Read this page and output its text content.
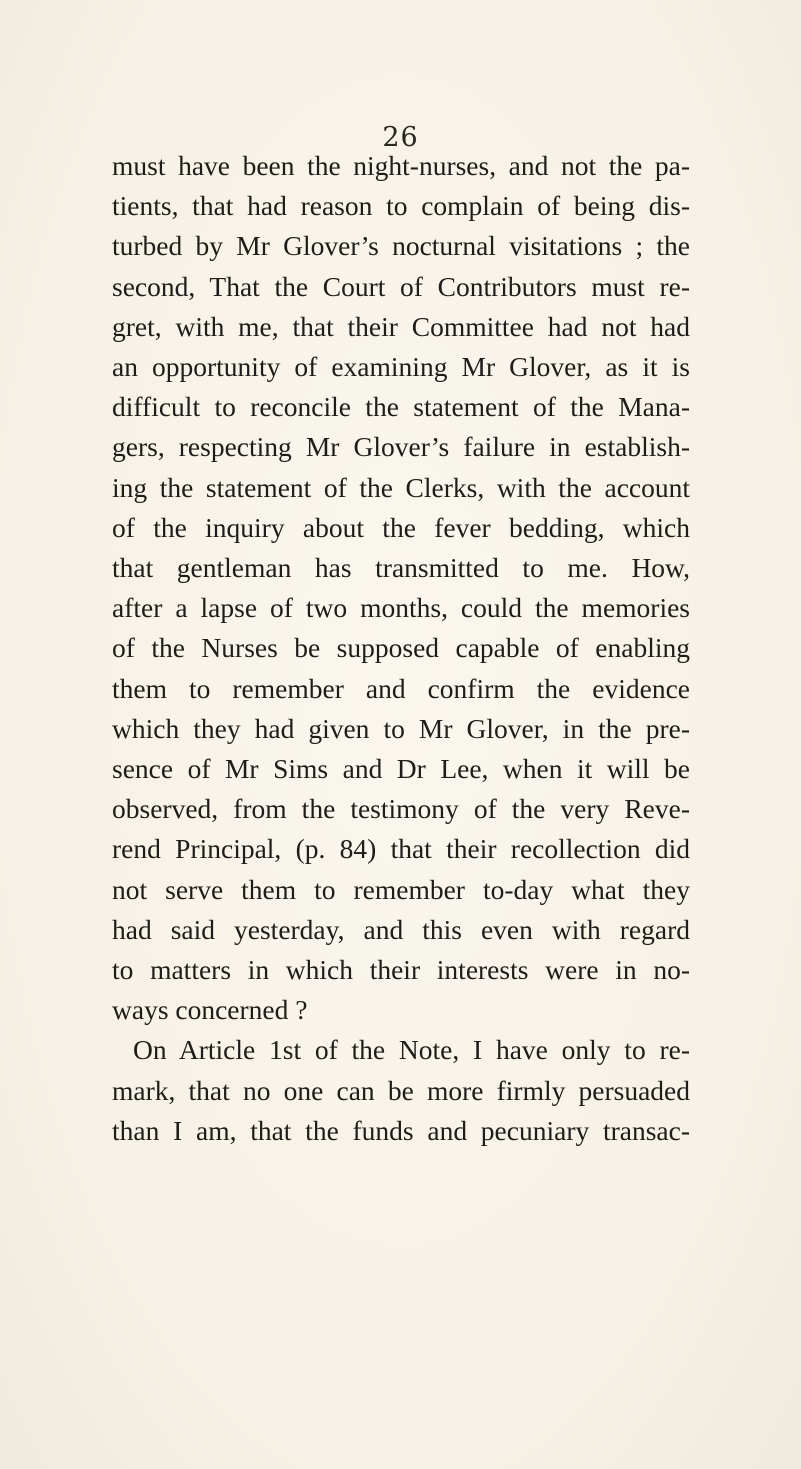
26
must have been the night-nurses, and not the pa-
tients, that had reason to complain of being dis-
turbed by Mr Glover’s nocturnal visitations ; the
second, That the Court of Contributors must re-
gret, with me, that their Committee had not had
an opportunity of examining Mr Glover, as it is
difficult to reconcile the statement of the Mana-
gers, respecting Mr Glover’s failure in establish-
ing the statement of the Clerks, with the account
of the inquiry about the fever bedding, which
that gentleman has transmitted to me. How,
after a lapse of two months, could the memories
of the Nurses be supposed capable of enabling
them to remember and confirm the evidence
which they had given to Mr Glover, in the pre-
sence of Mr Sims and Dr Lee, when it will be
observed, from the testimony of the very Reve-
rend Principal, (p. 84) that their recollection did
not serve them to remember to-day what they
had said yesterday, and this even with regard
to matters in which their interests were in no-
ways concerned ?
On Article 1st of the Note, I have only to re-
mark, that no one can be more firmly persuaded
than I am, that the funds and pecuniary transac-
